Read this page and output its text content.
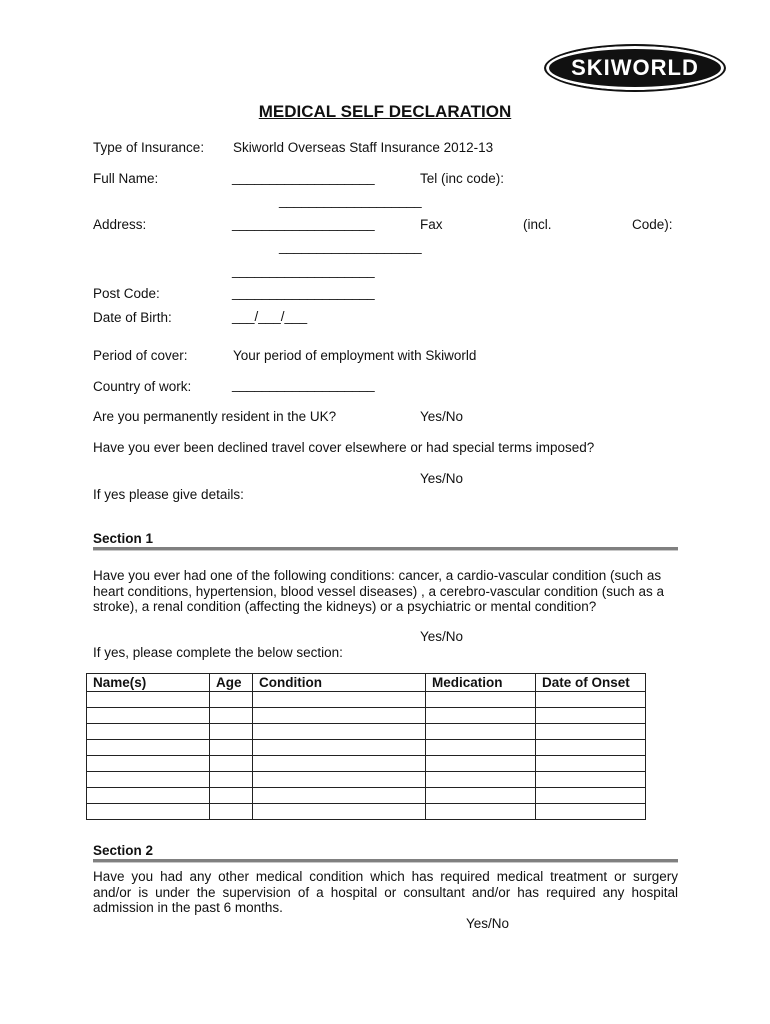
SKIWORLD
MEDICAL SELF DECLARATION
Type of Insurance: Skiworld Overseas Staff Insurance 2012-13
Full Name:	___________________	Tel (inc code):
___________________
Address:	___________________	Fax	(incl.	Code):
___________________
___________________
Post Code:	___________________
Date of Birth:	___/___/___
Period of cover:	Your period of employment with Skiworld
Country of work:	___________________
Are you permanently resident in the UK?	Yes/No
Have you ever been declined travel cover elsewhere or had special terms imposed?
Yes/No
If yes please give details:
Section 1
Have you ever had one of the following conditions: cancer, a cardio-vascular condition (such as heart conditions, hypertension, blood vessel diseases) , a cerebro-vascular condition (such as a stroke), a renal condition (affecting the kidneys) or a psychiatric or mental condition?
Yes/No
If yes, please complete the below section:
Name(s)	Age	Condition	Medication	Date of Onset

Section 2
Have you had any other medical condition which has required medical treatment or surgery and/or is under the supervision of a hospital or consultant and/or has required any hospital admission in the past 6 months.
Yes/No
